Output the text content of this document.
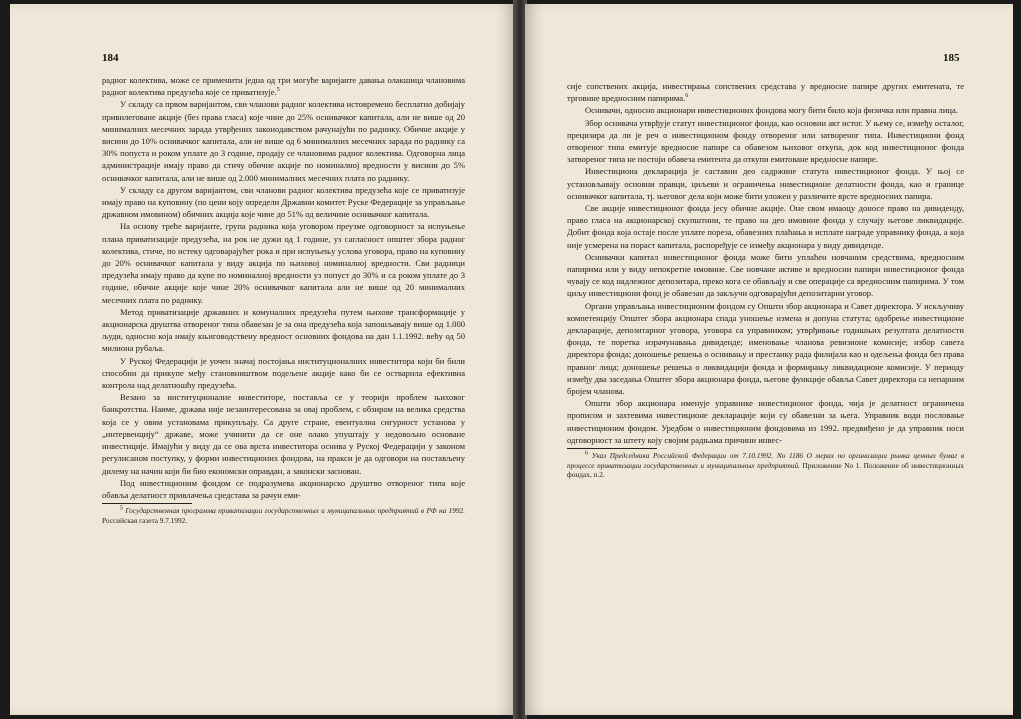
184

радног колектива, може се применити једна од три могуће варијанте давања олакшица члановима радног колектива предузећа које се приватизује.$^5$

У складу са првом варијантом, сви чланови радног колектива истовремено бесплатно добијају привилеговане акције (без права гласа) које чине до 25% оснивачког капитала, али не више од 20 минималних месечних зарада утврђених законодавством рачунајући по раднику. Обичне акције у висини до 10% оснивачког капитала, али не више од 6 минималних месечних зарада по раднику са 30% попуста и роком уплате до 3 године, продају се члановима радног колектива. Одговорна лица администрације имају право да стичу обичне акције по номиналној вредности у висини до 5% оснивачког капитала, али не више од 2.000 минималних месечних плата по раднику.

У складу са другом варијантом, сви чланови радног колектива предузећа које се приватизује имају право на куповину (по цени коју определи Државни комитет Руске Федерације за управљање државном имовином) обичних акција које чине до 51% од величине оснивачког капитала.

На основу треће варијанте, група радника која уговором преузме одговорност за испуњење плана приватизације предузећа, на рок не дужи од 1 године, уз сагласност општег збора радног колектива, стиче, по истеку одговарајућег рока и при испуњењу услова уговора, право на куповину до 20% оснивачког капитала у виду акција по њиховој номиналној вредности. Сви радници предузећа имају право да купе по номиналној вредности уз попуст до 30% и са роком уплате до 3 године, обичне акције које чине 20% оснивачког капитала али не више од 20 минималних месечних плата по раднику.

Метод приватизације државних и комуналних предузећа путем њихове трансформације у акционарска друштва отвореног типа обавезан је за она предузећа која запошљавају више од 1.000 људи, односно која имају књиговодствену вредност основних фондова на дан 1.1.1992. већу од 50 милиона рубаља.

У Руској Федерацији је уочен значај постојања институционалних инвеститора који би били способни да прикупе међу становништвом подељене акције како би се остварила ефективна контрола над делатношћу предузећа.

Везано за институционалне инвеститоре, поставља се у теорији проблем њиховог банкротства. Наиме, држава није незаинтересована за овај проблем, с обзиром на велика средства која се у овим установама прикупљају. Са друге стране, евентуална сигурност установа у „интервенцију“ државе, може учинити да се оне олако упуштају у недовољно основане инвестиције. Имајући у виду да се ова врста инвеститора оснива у Руској Федерацији у законом регулисаном поступку, у форми инвестиционих фондова, на пракси је да одговори на постављену дилему на начин који би био економски оправдан, а законски заснован.

Под инвестиционим фондом се подразумева акционарско друштво отвореног типа које обавља делатност привлачења средстава за рачун еми-

$^5$ Государственная программа приватизации государственных и муниципальных предприятий в РФ на 1992. Российская газета 9.7.1992.

185

сије сопствених акција, инвестирања сопствених средстава у вредносне папире других емитената, те трговине вредносним папирима.$^6$

Оснивачи, односно акционари инвестиционих фондова могу бити било која физичка или правна лица.

Збор оснивача утврђује статут инвестиционог фонда, као основни акт истог. У њему се, између осталог, прецизира да ли је реч о инвестиционом фонду отвореног или затвореног типа. Инвестициони фонд отвореног типа емитује вредносне папире са обавезом њиховог откупа, док код инвестиционог фонда затвореног типа не постоји обавеза емитента да откупи емитоване вредносне папире.

Инвестициона декларација је саставни део садржине статута инвестиционог фонда. У њој се установљавају основни правци, циљеви и ограничења инвестиционе делатности фонда, као и границе оснивачког капитала, тј. његовог дела који може бити уложен у различите врсте вредносних папира.

Све акције инвестиционог фонда јесу обичне акције. Оне свом имаоцу доносе право на дивиденду, право гласа на акционарској скупштини, те право на део имовине фонда у случају његове ликвидације. Добит фонда која остаје после уплате пореза, обавезних плаћања и исплате награде управнику фонда, а која није усмерена на пораст капитала, распоређује се између акционара у виду дивиденде.

Оснивачки капитал инвестиционог фонда може бити уплаћен новчаним средствима, вредносним папирима или у виду непокретне имовине. Све новчане активе и вредносни папири инвестиционог фонда чувају се код надлежног депозитара, преко кога се обављају и све операције са вредносним папирима. У том циљу инвестициони фонд је обавезан да закључи одговарајући депозитарни уговор.

Органи управљања инвестиционим фондом су Општи збор акционара и Савет директора. У искључиву компетенцију Општег збора акционара спада уношење измена и допуна статута; одобрење инвестиционе декларације, депозитарног уговора, уговора са управником; утврђивање годишњих резултата делатности фонда, те поретка израчунавања дивиденде; именовање чланова ревизионе комисије; избор савета директора фонда; доношење решења о оснивању и престанку рада филијала као и одељења фонда без права правног лица; доношење решења о ликвидацији фонда и формирању ликвидационе комисије. У периоду између два заседања Општег збора акционара фонда, његове функције обавља Савет директора са непарним бројем чланова.

Општи збор акционара именује управнике инвестиционог фонда, чија је делатност ограничена прописом и захтевима инвестиционе декларације који су обавезни за њега. Управник води пословање инвестиционим фондом. Уредбом о инвестиционим фондовима из 1992. предвиђено је да управник носи одговорност за штету коју својим радњама причини инвес-

$^6$ Указ Председника Российской Федерации от 7.10.1992. No 1186 О мерах по организации рынка ценных бумаг в процессе приватизации государственных и муниципальных предприятий. Приложение No 1. Положение об инвестиционных фондах, п.2.
